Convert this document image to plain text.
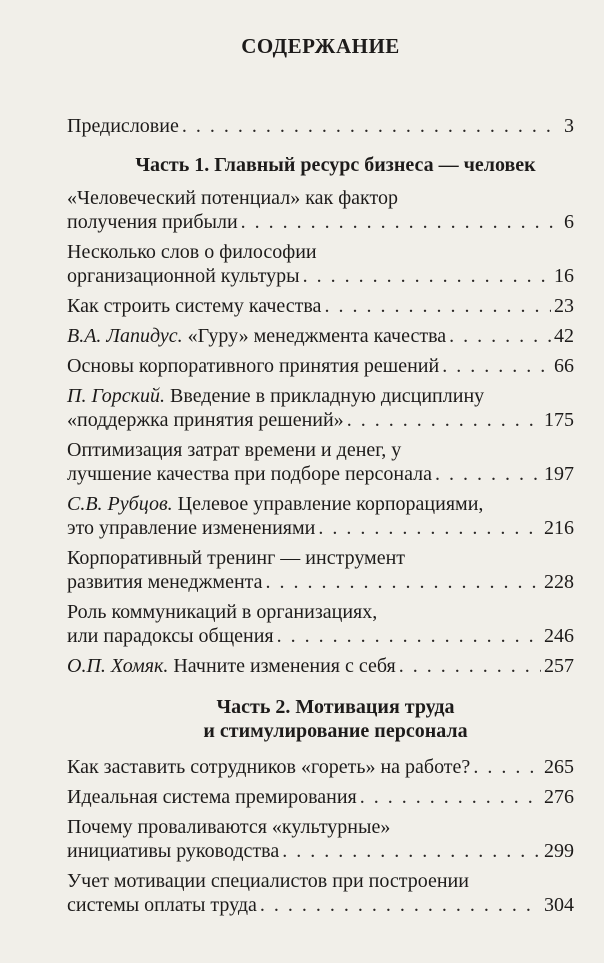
СОДЕРЖАНИЕ
Предисловие . . .	3
Часть 1. Главный ресурс бизнеса — человек
«Человеческий потенциал» как фактор
получения прибыли . . .	6
Несколько слов о философии
организационной культуры . . .	16
Как строить систему качества . . .	23
В.А. Лапидус. «Гуру» менеджмента качества . . .	42
Основы корпоративного принятия решений . . .	66
П. Горский. Введение в прикладную дисциплину
«поддержка принятия решений» . . .	175
Оптимизация затрат времени и денег, у
лучшение качества при подборе персонала . . .	197
С.В. Рубцов. Целевое управление корпорациями,
это управление изменениями . . .	216
Корпоративный тренинг — инструмент
развития менеджмента . . .	228
Роль коммуникаций в организациях,
или парадоксы общения . . .	246
О.П. Хомяк. Начните изменения с себя . . .	257
Часть 2. Мотивация труда
и стимулирование персонала
Как заставить сотрудников «гореть» на работе? . . .	265
Идеальная система премирования . . .	276
Почему проваливаются «культурные»
инициативы руководства . . .	299
Учет мотивации специалистов при построении
системы оплаты труда . . .	304
